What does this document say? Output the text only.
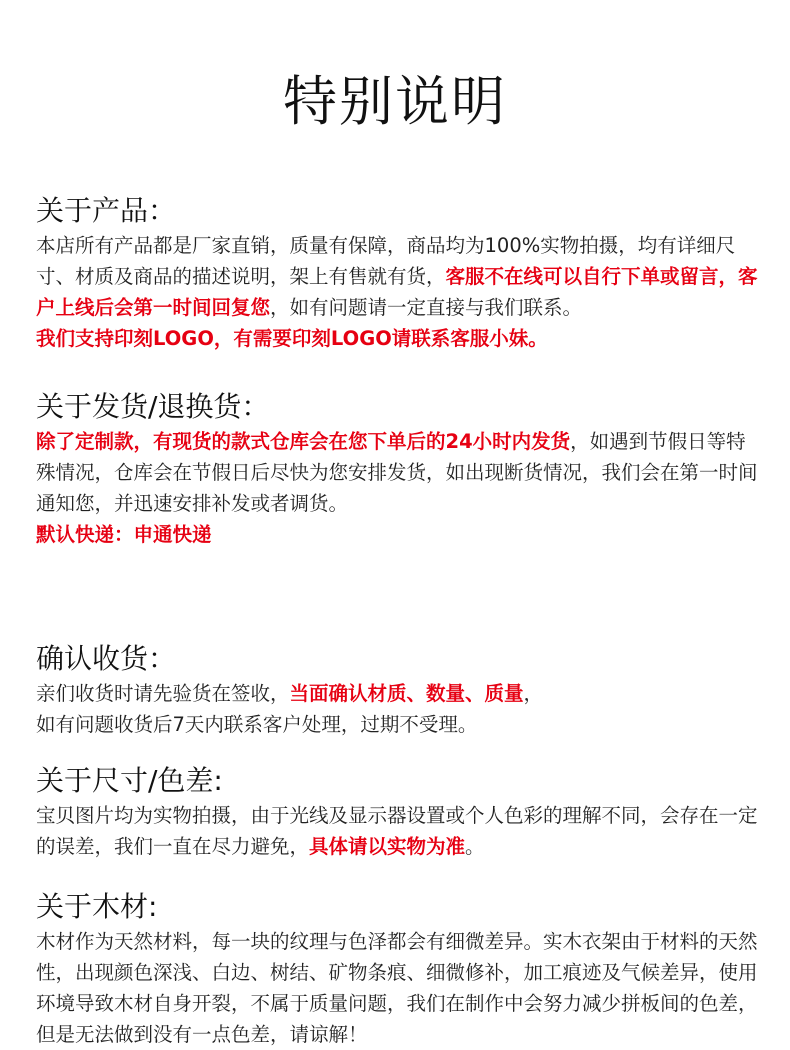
特别说明
关于产品：
本店所有产品都是厂家直销，质量有保障，商品均为100%实物拍摄，均有详细尺寸、材质及商品的描述说明，架上有售就有货，客服不在线可以自行下单或留言，客户上线后会第一时间回复您，如有问题请一定直接与我们联系。
我们支持印刻LOGO，有需要印刻LOGO请联系客服小妹。
关于发货/退换货：
除了定制款，有现货的款式仓库会在您下单后的24小时内发货，如遇到节假日等特殊情况，仓库会在节假日后尽快为您安排发货，如出现断货情况，我们会在第一时间通知您，并迅速安排补发或者调货。
默认快递：申通快递
确认收货：
亲们收货时请先验货在签收，当面确认材质、数量、质量，
如有问题收货后7天内联系客户处理，过期不受理。
关于尺寸/色差:
宝贝图片均为实物拍摄，由于光线及显示器设置或个人色彩的理解不同，会存在一定的误差，我们一直在尽力避免，具体请以实物为准。
关于木材:
木材作为天然材料，每一块的纹理与色泽都会有细微差异。实木衣架由于材料的天然性，出现颜色深浅、白边、树结、矿物条痕、细微修补，加工痕迹及气候差异，使用环境导致木材自身开裂，不属于质量问题，我们在制作中会努力减少拼板间的色差，但是无法做到没有一点色差，请谅解！
